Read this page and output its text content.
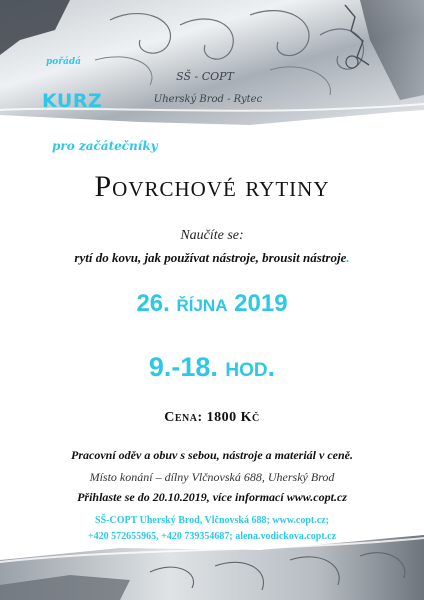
SŠ - COPT
Uherský Brod - Rytec
pořádá
KURZ
pro začátečníky
Povrchové rytiny
Naučíte se:
rytí do kovu, jak používat nástroje, brousit nástroje.
26. října 2019
9.-18. hod.
Cena: 1800 Kč
Pracovní oděv a obuv s sebou, nástroje a materiál v ceně.
Místo konání – dílny Vlčnovská 688, Uherský Brod
Přihlaste se do 20.10.2019, více informací www.copt.cz
SŠ-COPT Uherský Brod, Vlčnovská 688; www.copt.cz;
+420 572655965, +420 739354687; alena.vodickova.copt.cz
